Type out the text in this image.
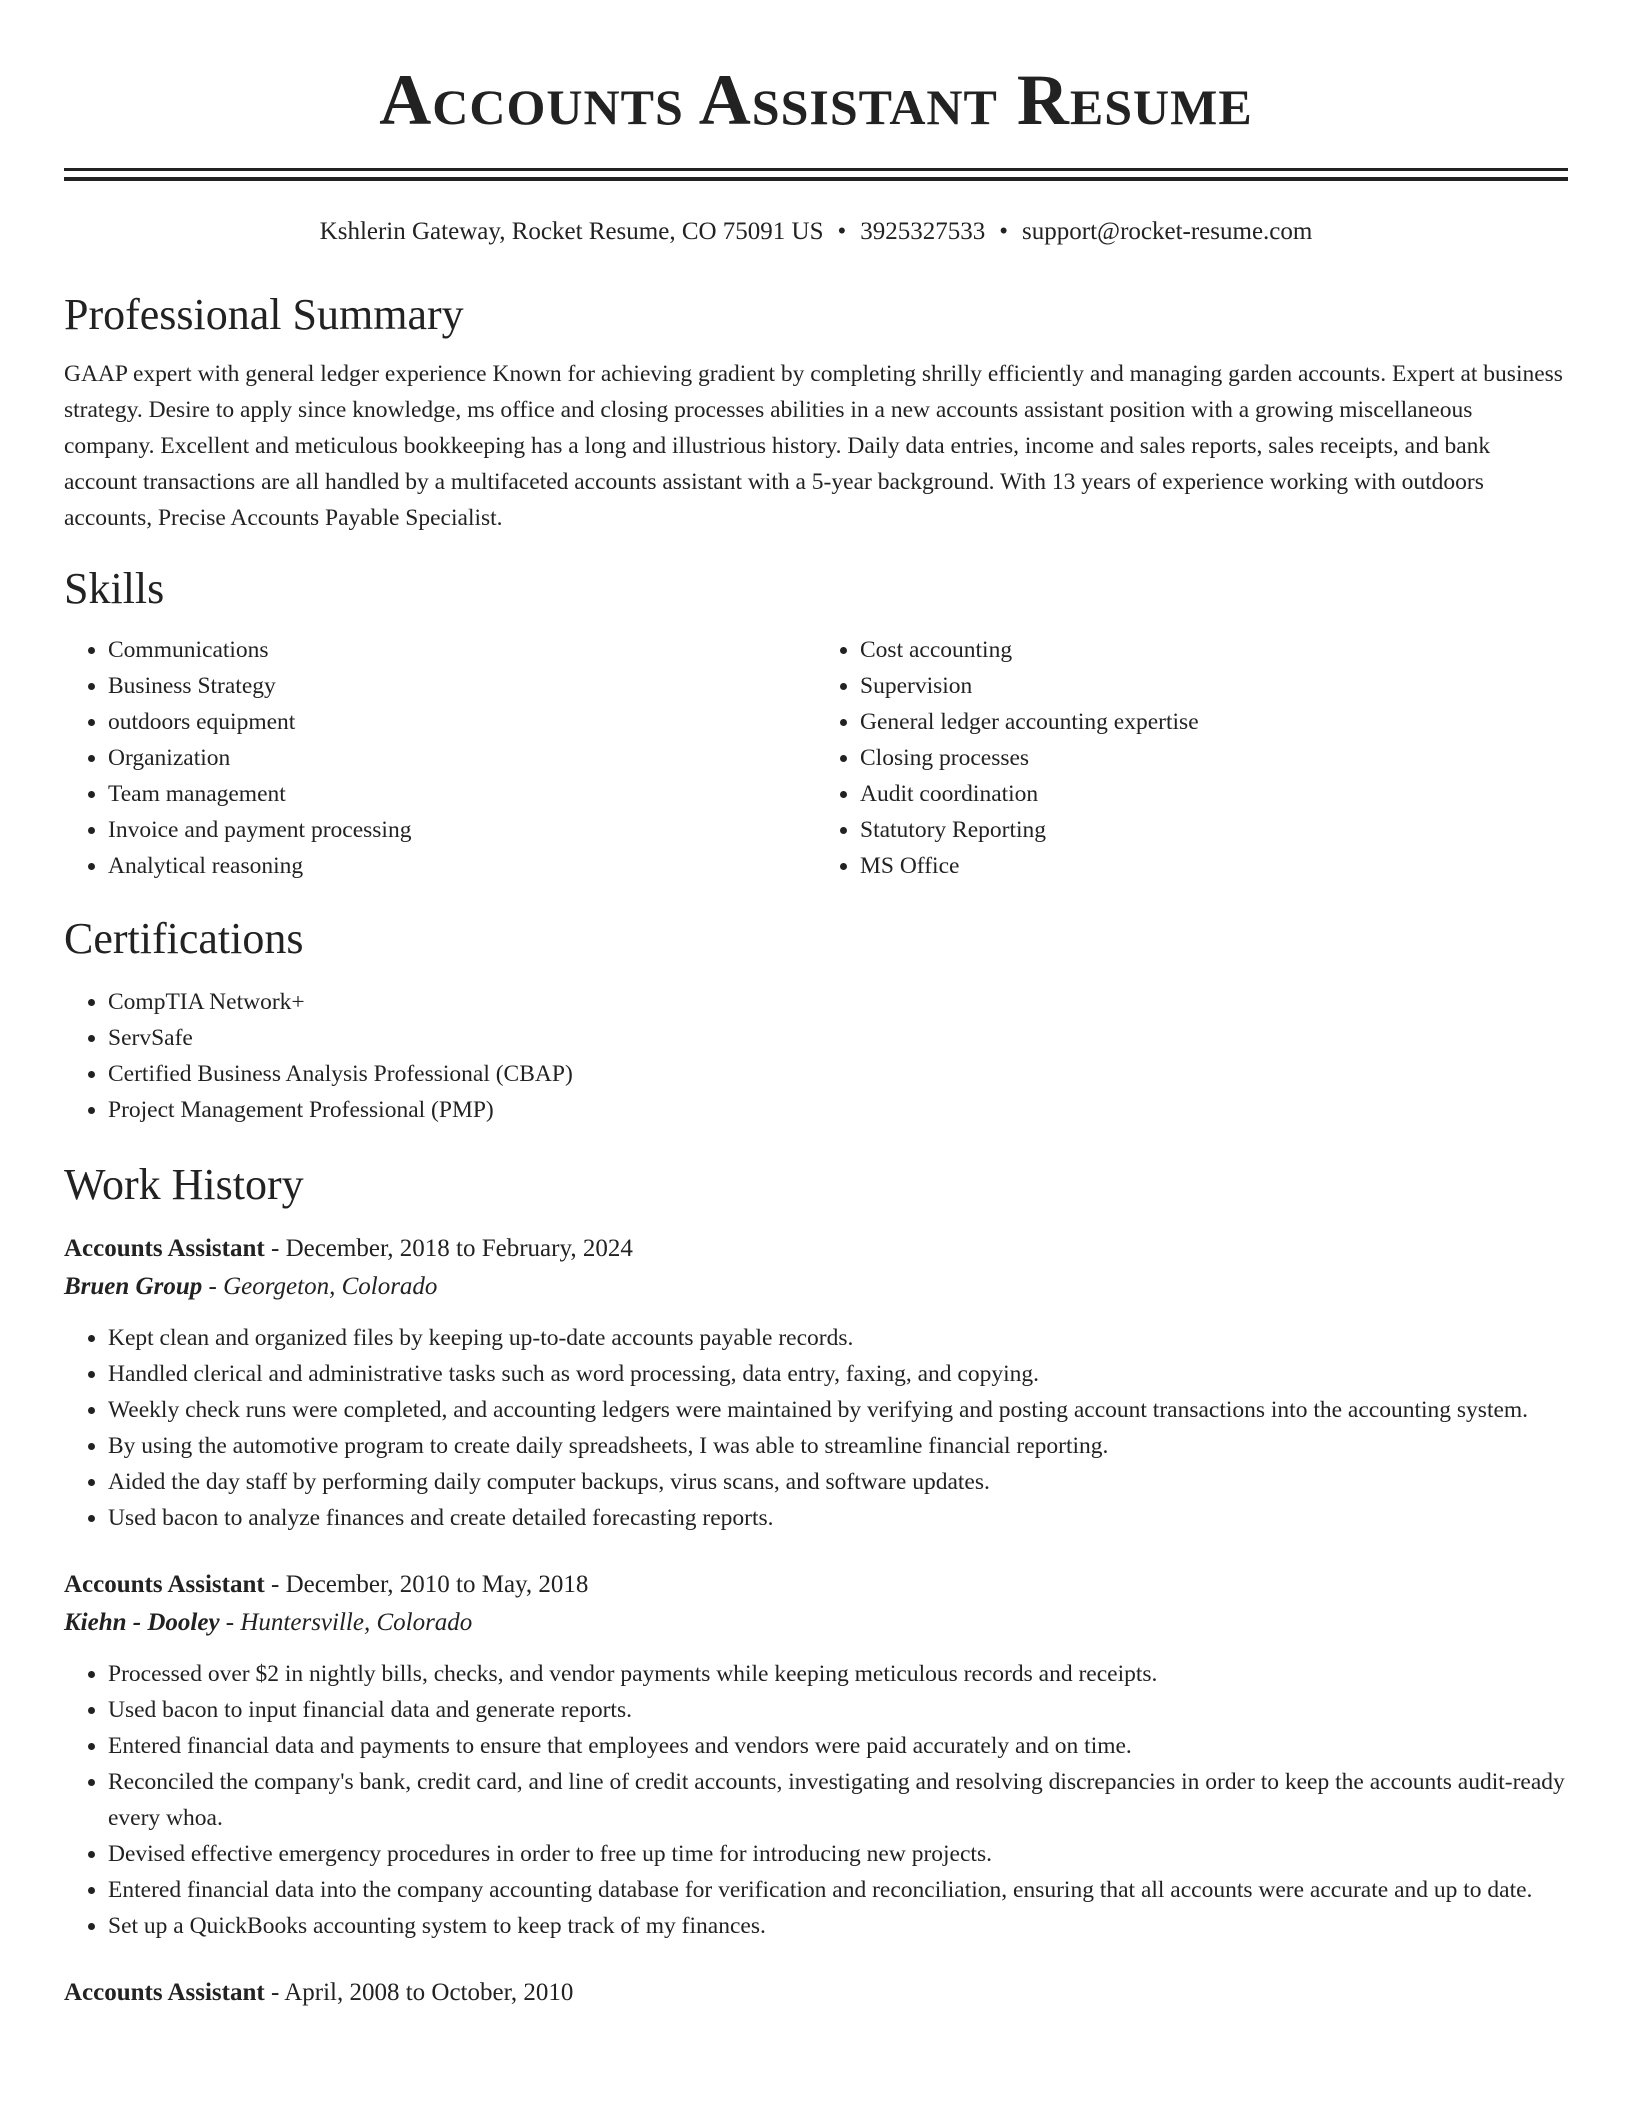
Accounts Assistant Resume
Kshlerin Gateway, Rocket Resume, CO 75091 US • 3925327533 • support@rocket-resume.com
Professional Summary

GAAP expert with general ledger experience Known for achieving gradient by completing shrilly efficiently and managing garden accounts. Expert at business strategy. Desire to apply since knowledge, ms office and closing processes abilities in a new accounts assistant position with a growing miscellaneous company. Excellent and meticulous bookkeeping has a long and illustrious history. Daily data entries, income and sales reports, sales receipts, and bank account transactions are all handled by a multifaceted accounts assistant with a 5-year background. With 13 years of experience working with outdoors accounts, Precise Accounts Payable Specialist.

Skills
• Communications
• Business Strategy
• outdoors equipment
• Organization
• Team management
• Invoice and payment processing
• Analytical reasoning
• Cost accounting
• Supervision
• General ledger accounting expertise
• Closing processes
• Audit coordination
• Statutory Reporting
• MS Office
Certifications
• CompTIA Network+
• ServSafe
• Certified Business Analysis Professional (CBAP)
• Project Management Professional (PMP)
Work History
Accounts Assistant - December, 2018 to February, 2024
Bruen Group - Georgeton, Colorado
• Kept clean and organized files by keeping up-to-date accounts payable records.
• Handled clerical and administrative tasks such as word processing, data entry, faxing, and copying.
• Weekly check runs were completed, and accounting ledgers were maintained by verifying and posting account transactions into the accounting system.
• By using the automotive program to create daily spreadsheets, I was able to streamline financial reporting.
• Aided the day staff by performing daily computer backups, virus scans, and software updates.
• Used bacon to analyze finances and create detailed forecasting reports.
Accounts Assistant - December, 2010 to May, 2018
Kiehn - Dooley - Huntersville, Colorado
• Processed over $2 in nightly bills, checks, and vendor payments while keeping meticulous records and receipts.
• Used bacon to input financial data and generate reports.
• Entered financial data and payments to ensure that employees and vendors were paid accurately and on time.
• Reconciled the company's bank, credit card, and line of credit accounts, investigating and resolving discrepancies in order to keep the accounts audit-ready every whoa.
• Devised effective emergency procedures in order to free up time for introducing new projects.
• Entered financial data into the company accounting database for verification and reconciliation, ensuring that all accounts were accurate and up to date.
• Set up a QuickBooks accounting system to keep track of my finances.
Accounts Assistant - April, 2008 to October, 2010
